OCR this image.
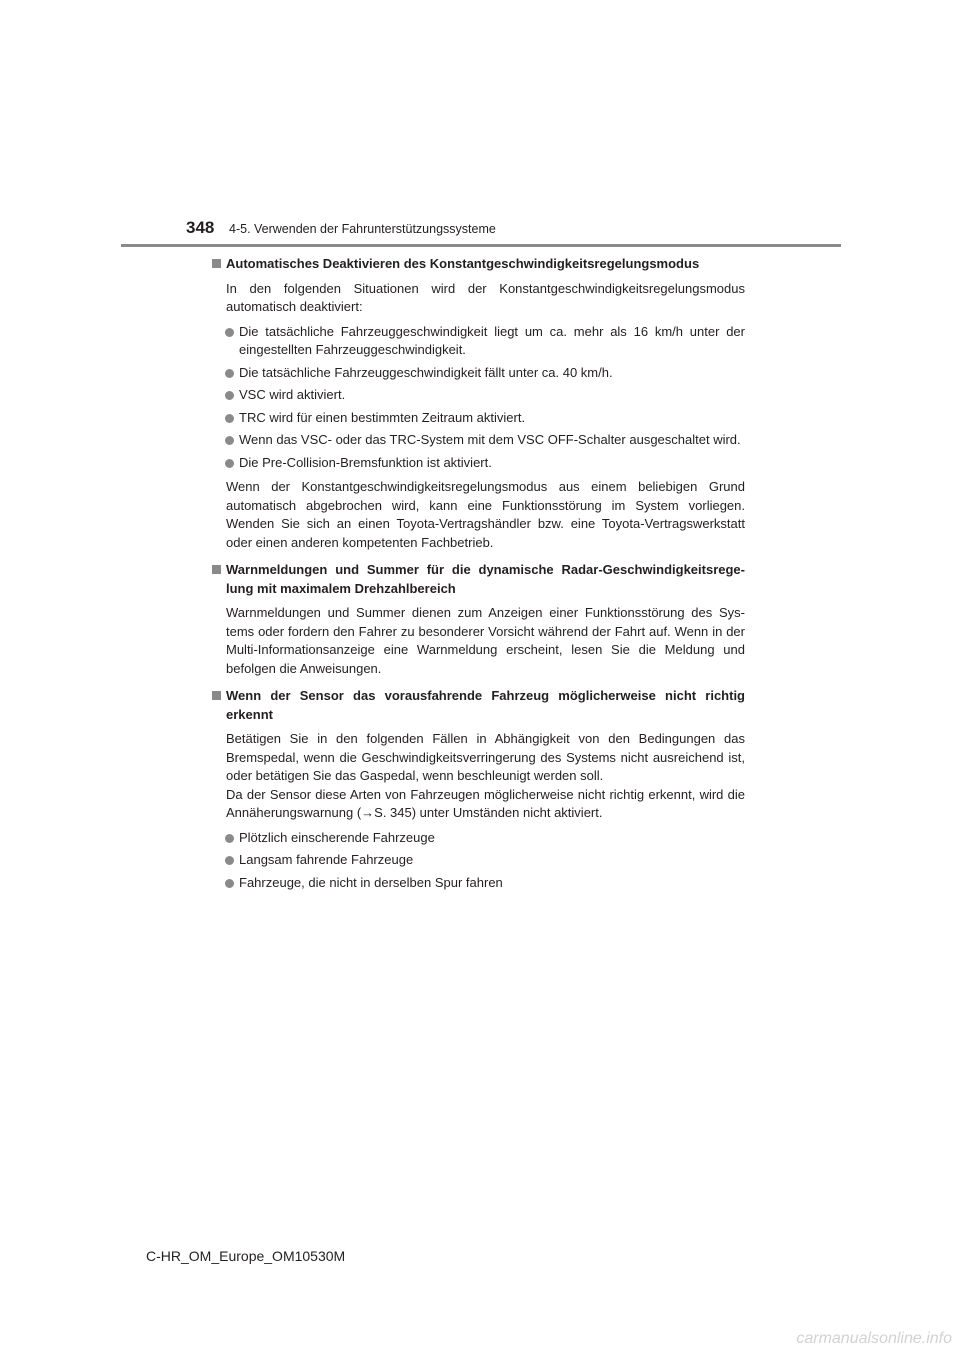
348 4-5. Verwenden der Fahrunterstützungssysteme
Automatisches Deaktivieren des Konstantgeschwindigkeitsregelungsmodus

In den folgenden Situationen wird der Konstantgeschwindigkeitsregelungsmodus automatisch deaktiviert:

Die tatsächliche Fahrzeuggeschwindigkeit liegt um ca. mehr als 16 km/h unter der eingestellten Fahrzeuggeschwindigkeit.
Die tatsächliche Fahrzeuggeschwindigkeit fällt unter ca. 40 km/h.
VSC wird aktiviert.
TRC wird für einen bestimmten Zeitraum aktiviert.
Wenn das VSC- oder das TRC-System mit dem VSC OFF-Schalter ausgeschaltet wird.
Die Pre-Collision-Bremsfunktion ist aktiviert.

Wenn der Konstantgeschwindigkeitsregelungsmodus aus einem beliebigen Grund automatisch abgebrochen wird, kann eine Funktionsstörung im System vorliegen. Wenden Sie sich an einen Toyota-Vertragshändler bzw. eine Toyota-Vertragswerkstatt oder einen anderen kompetenten Fachbetrieb.

Warnmeldungen und Summer für die dynamische Radar-Geschwindigkeitsrege-lung mit maximalem Drehzahlbereich

Warnmeldungen und Summer dienen zum Anzeigen einer Funktionsstörung des Sys-tems oder fordern den Fahrer zu besonderer Vorsicht während der Fahrt auf. Wenn in der Multi-Informationsanzeige eine Warnmeldung erscheint, lesen Sie die Meldung und befolgen die Anweisungen.

Wenn der Sensor das vorausfahrende Fahrzeug möglicherweise nicht richtig erkennt

Betätigen Sie in den folgenden Fällen in Abhängigkeit von den Bedingungen das Bremspedal, wenn die Geschwindigkeitsverringerung des Systems nicht ausreichend ist, oder betätigen Sie das Gaspedal, wenn beschleunigt werden soll.
Da der Sensor diese Arten von Fahrzeugen möglicherweise nicht richtig erkennt, wird die Annäherungswarnung (→S. 345) unter Umständen nicht aktiviert.

Plötzlich einscherende Fahrzeuge
Langsam fahrende Fahrzeuge
Fahrzeuge, die nicht in derselben Spur fahren
C-HR_OM_Europe_OM10530M
carmanualsonline.info
